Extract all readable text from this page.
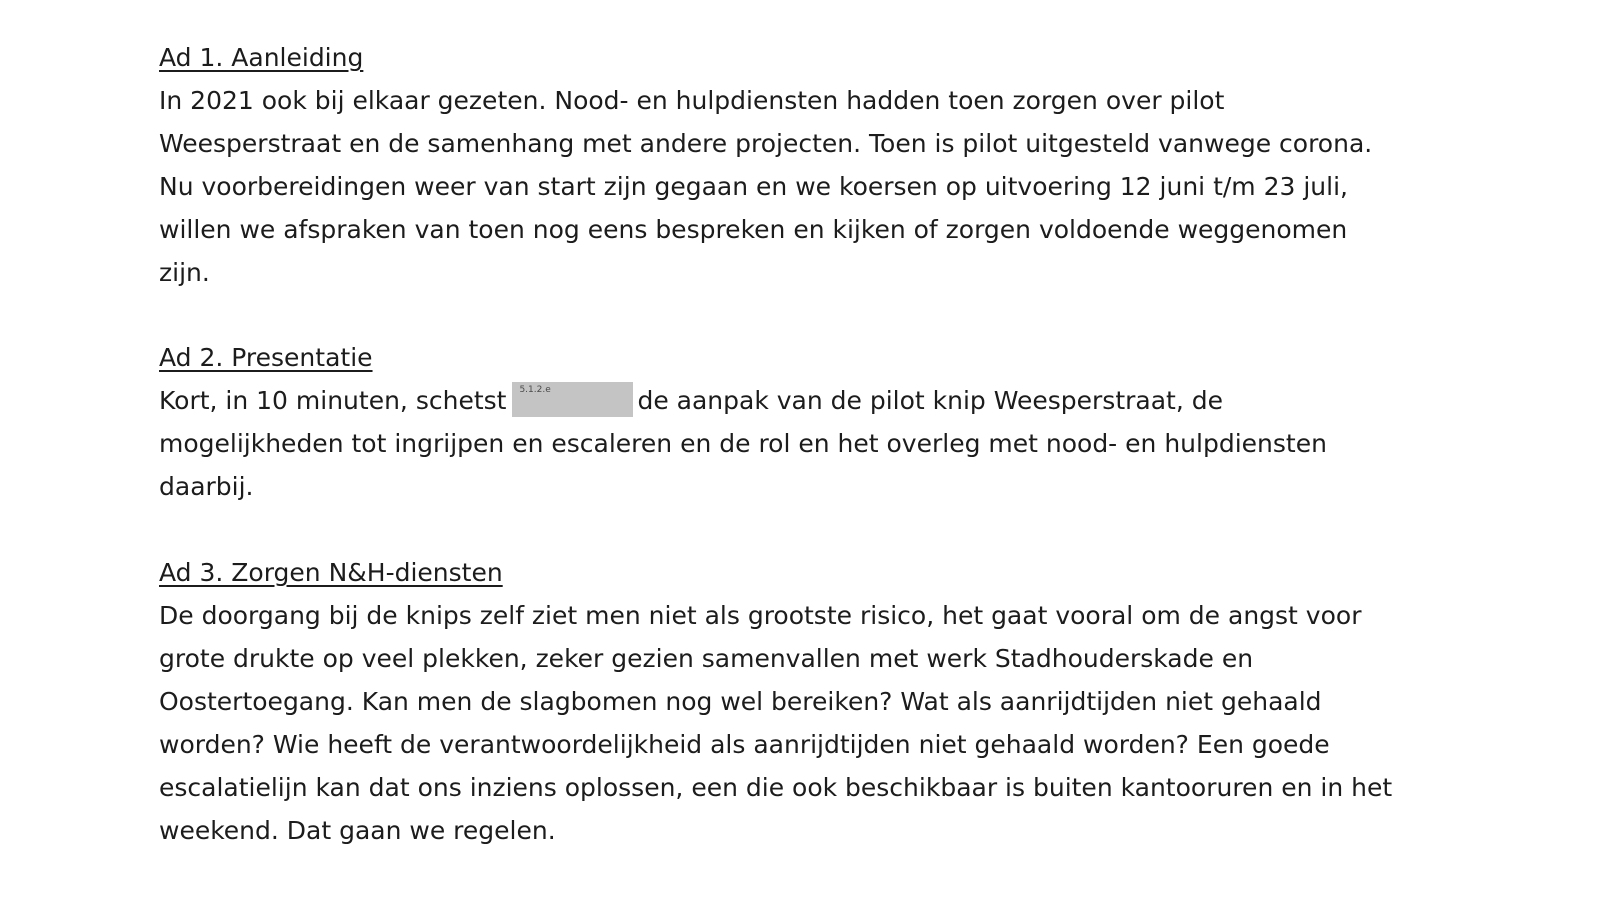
Ad 1. Aanleiding
In 2021 ook bij elkaar gezeten. Nood- en hulpdiensten hadden toen zorgen over pilot
Weesperstraat en de samenhang met andere projecten. Toen is pilot uitgesteld vanwege corona.
Nu voorbereidingen weer van start zijn gegaan en we koersen op uitvoering 12 juni t/m 23 juli,
willen we afspraken van toen nog eens bespreken en kijken of zorgen voldoende weggenomen
zijn.
Ad 2. Presentatie
Kort, in 10 minuten, schetst 5.1.2.e	de aanpak van de pilot knip Weesperstraat, de
mogelijkheden tot ingrijpen en escaleren en de rol en het overleg met nood- en hulpdiensten
daarbij.
Ad 3. Zorgen N&H-diensten
De doorgang bij de knips zelf ziet men niet als grootste risico, het gaat vooral om de angst voor
grote drukte op veel plekken, zeker gezien samenvallen met werk Stadhouderskade en
Oostertoegang. Kan men de slagbomen nog wel bereiken? Wat als aanrijdtijden niet gehaald
worden? Wie heeft de verantwoordelijkheid als aanrijdtijden niet gehaald worden? Een goede
escalatielijn kan dat ons inziens oplossen, een die ook beschikbaar is buiten kantooruren en in het
weekend. Dat gaan we regelen.
